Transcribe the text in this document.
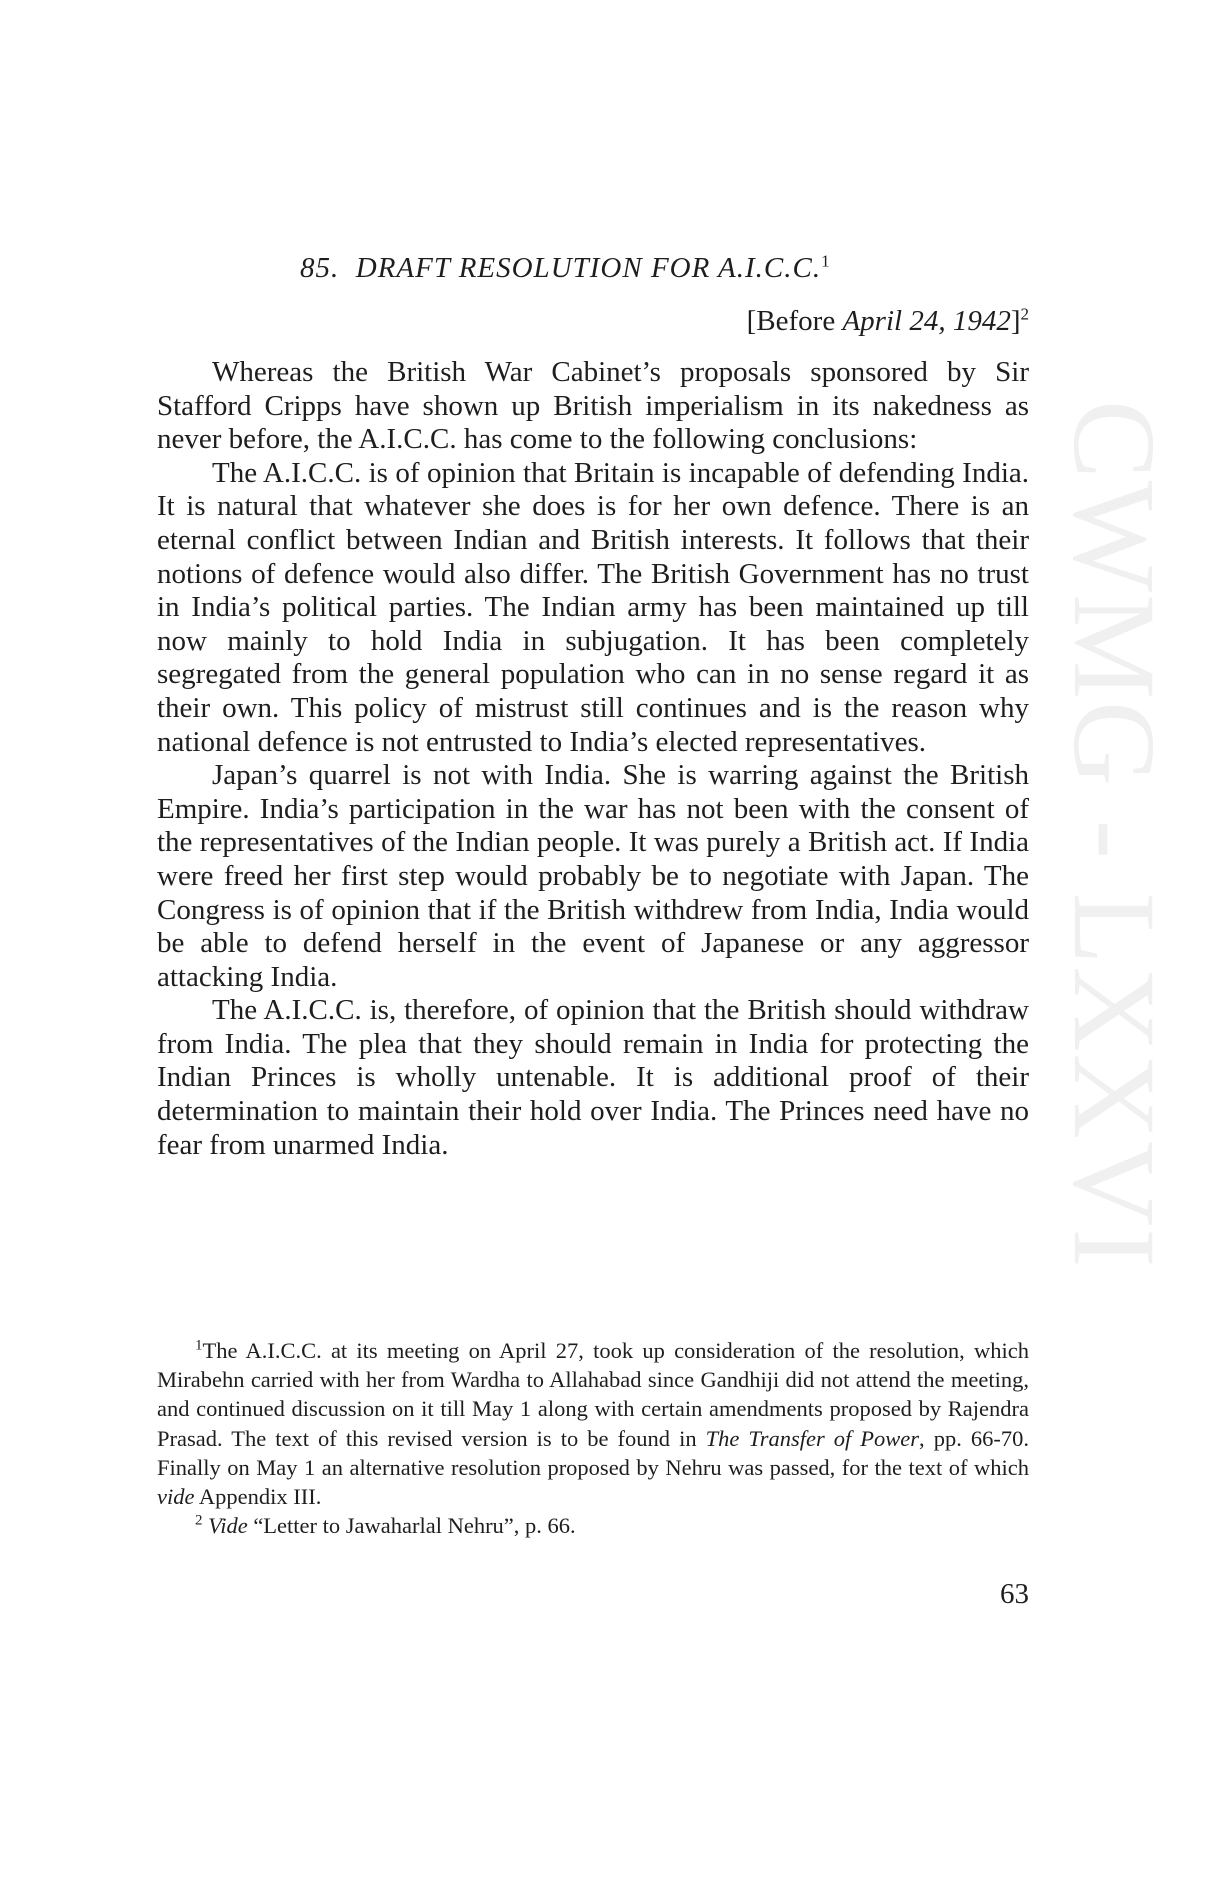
CWMG - LXXVI
85. DRAFT RESOLUTION FOR A.I.C.C.$^1$
[Before April 24, 1942]$^2$

Whereas the British War Cabinet’s proposals sponsored by Sir Stafford Cripps have shown up British imperialism in its nakedness as never before, the A.I.C.C. has come to the following conclusions:

The A.I.C.C. is of opinion that Britain is incapable of defending India. It is natural that whatever she does is for her own defence. There is an eternal conflict between Indian and British interests. It follows that their notions of defence would also differ. The British Government has no trust in India’s political parties. The Indian army has been maintained up till now mainly to hold India in subjugation. It has been completely segregated from the general population who can in no sense regard it as their own. This policy of mistrust still continues and is the reason why national defence is not entrusted to India’s elected representatives.

Japan’s quarrel is not with India. She is warring against the British Empire. India’s participation in the war has not been with the consent of the representatives of the Indian people. It was purely a British act. If India were freed her first step would probably be to negotiate with Japan. The Congress is of opinion that if the British withdrew from India, India would be able to defend herself in the event of Japanese or any aggressor attacking India.

The A.I.C.C. is, therefore, of opinion that the British should withdraw from India. The plea that they should remain in India for protecting the Indian Princes is wholly untenable. It is additional proof of their determination to maintain their hold over India. The Princes need have no fear from unarmed India.

$^1$The A.I.C.C. at its meeting on April 27, took up consideration of the resolution, which Mirabehn carried with her from Wardha to Allahabad since Gandhiji did not attend the meeting, and continued discussion on it till May 1 along with certain amendments proposed by Rajendra Prasad. The text of this revised version is to be found in The Transfer of Power, pp. 66-70. Finally on May 1 an alternative resolution proposed by Nehru was passed, for the text of which vide Appendix III.

$^2$ Vide “Letter to Jawaharlal Nehru”, p. 66.

63
